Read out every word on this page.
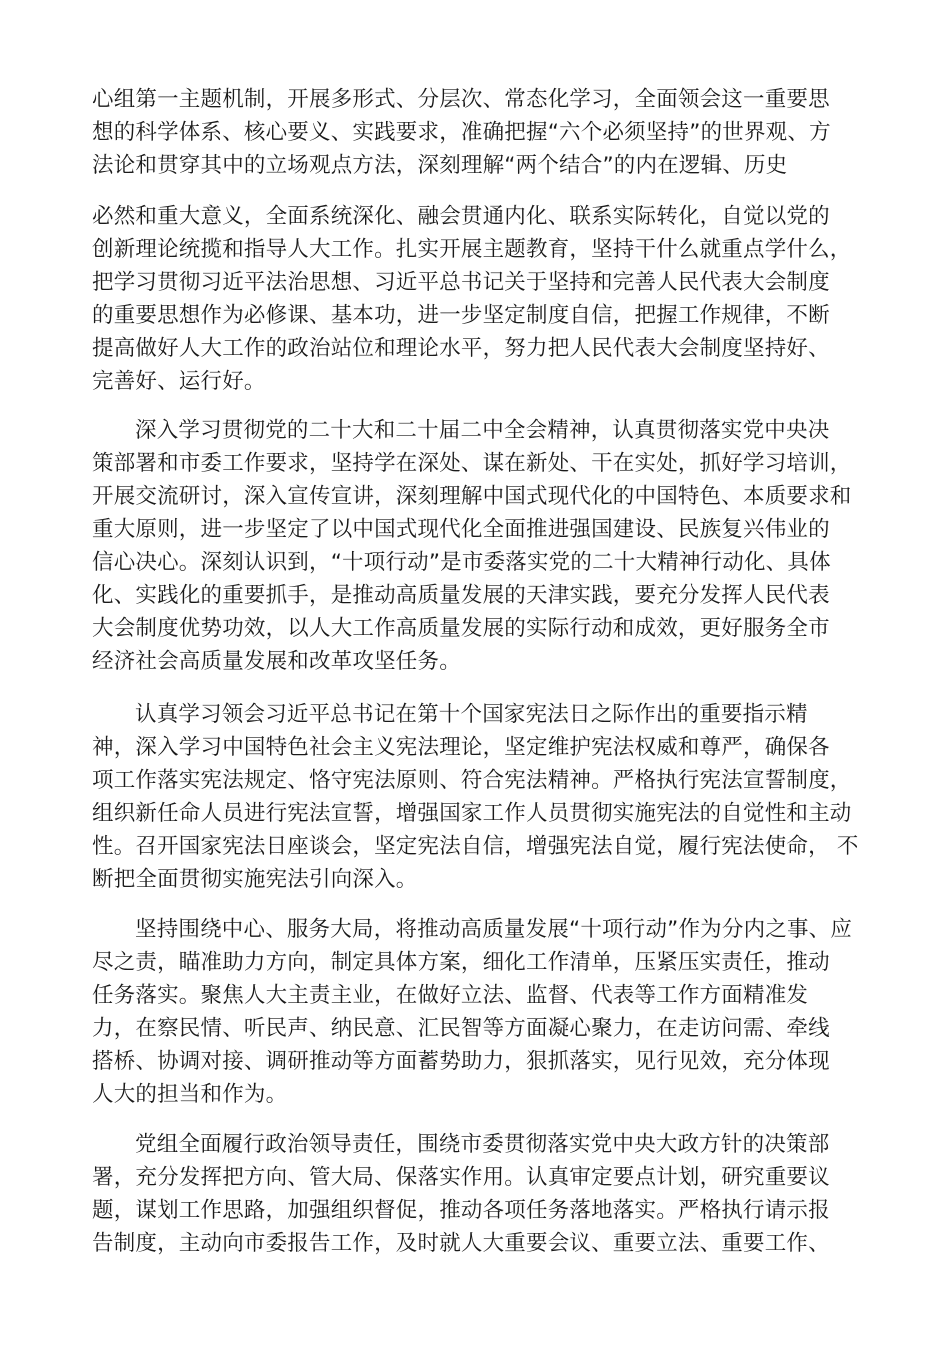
心组第一主题机制，开展多形式、分层次、常态化学习，全面领会这一重要思
想的科学体系、核心要义、实践要求，准确把握“六个必须坚持”的世界观、方
法论和贯穿其中的立场观点方法，深刻理解“两个结合”的内在逻辑、历史
必然和重大意义，全面系统深化、融会贯通内化、联系实际转化，自觉以党的
创新理论统揽和指导人大工作。扎实开展主题教育，坚持干什么就重点学什么，
把学习贯彻习近平法治思想、习近平总书记关于坚持和完善人民代表大会制度
的重要思想作为必修课、基本功，进一步坚定制度自信，把握工作规律，不断
提高做好人大工作的政治站位和理论水平，努力把人民代表大会制度坚持好、
完善好、运行好。
深入学习贯彻党的二十大和二十届二中全会精神，认真贯彻落实党中央决
策部署和市委工作要求，坚持学在深处、谋在新处、干在实处，抓好学习培训，
开展交流研讨，深入宣传宣讲，深刻理解中国式现代化的中国特色、本质要求和
重大原则，进一步坚定了以中国式现代化全面推进强国建设、民族复兴伟业的
信心决心。深刻认识到，“十项行动”是市委落实党的二十大精神行动化、具体
化、实践化的重要抓手，是推动高质量发展的天津实践，要充分发挥人民代表
大会制度优势功效，以人大工作高质量发展的实际行动和成效，更好服务全市
经济社会高质量发展和改革攻坚任务。
认真学习领会习近平总书记在第十个国家宪法日之际作出的重要指示精
神，深入学习中国特色社会主义宪法理论，坚定维护宪法权威和尊严，确保各
项工作落实宪法规定、恪守宪法原则、符合宪法精神。严格执行宪法宣誓制度，
组织新任命人员进行宪法宣誓，增强国家工作人员贯彻实施宪法的自觉性和主动
性。召开国家宪法日座谈会，坚定宪法自信，增强宪法自觉，履行宪法使命， 不
断把全面贯彻实施宪法引向深入。
坚持围绕中心、服务大局，将推动高质量发展“十项行动”作为分内之事、应
尽之责，瞄准助力方向，制定具体方案，细化工作清单，压紧压实责任，推动
任务落实。聚焦人大主责主业，在做好立法、监督、代表等工作方面精准发
力，在察民情、听民声、纳民意、汇民智等方面凝心聚力，在走访问需、牵线
搭桥、协调对接、调研推动等方面蓄势助力，狠抓落实，见行见效，充分体现
人大的担当和作为。
党组全面履行政治领导责任，围绕市委贯彻落实党中央大政方针的决策部
署，充分发挥把方向、管大局、保落实作用。认真审定要点计划，研究重要议
题，谋划工作思路，加强组织督促，推动各项任务落地落实。严格执行请示报
告制度，主动向市委报告工作，及时就人大重要会议、重要立法、重要工作、
